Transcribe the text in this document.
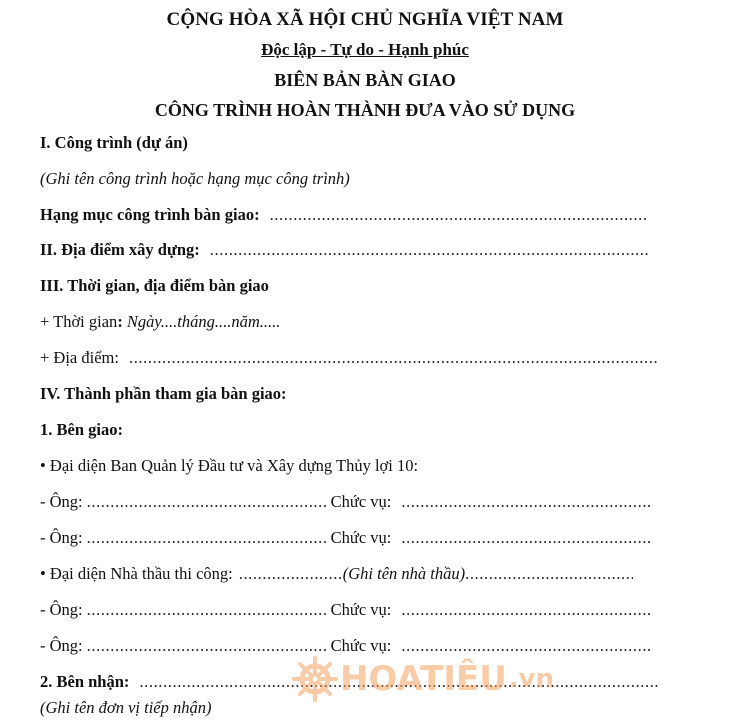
CỘNG HÒA XÃ HỘI CHỦ NGHĨA VIỆT NAM
Độc lập - Tự do - Hạnh phúc
BIÊN BẢN BÀN GIAO
CÔNG TRÌNH HOÀN THÀNH ĐƯA VÀO SỬ DỤNG
I. Công trình (dự án)
(Ghi tên công trình hoặc hạng mục công trình)
Hạng mục công trình bàn giao:
.....
II. Địa điểm xây dựng:
.....
III. Thời gian, địa điểm bàn giao
+ Thời gian : Ngày....tháng....năm.....
+ Địa điểm:
.....
IV. Thành phần tham gia bàn giao:
1. Bên giao:
• Đại diện Ban Quản lý Đầu tư và Xây dựng Thủy lợi 10:
- Ông: .....	Chức vụ:
.....
- Ông: .....	Chức vụ:
.....
• Đại diện Nhà thầu thi công: .....	(Ghi tên nhà thầu)
.....
- Ông: .....	Chức vụ:
.....
- Ông: .....	Chức vụ:
.....
2. Bên nhận:
.....
(Ghi tên đơn vị tiếp nhận)
HOATIÊU .vn
